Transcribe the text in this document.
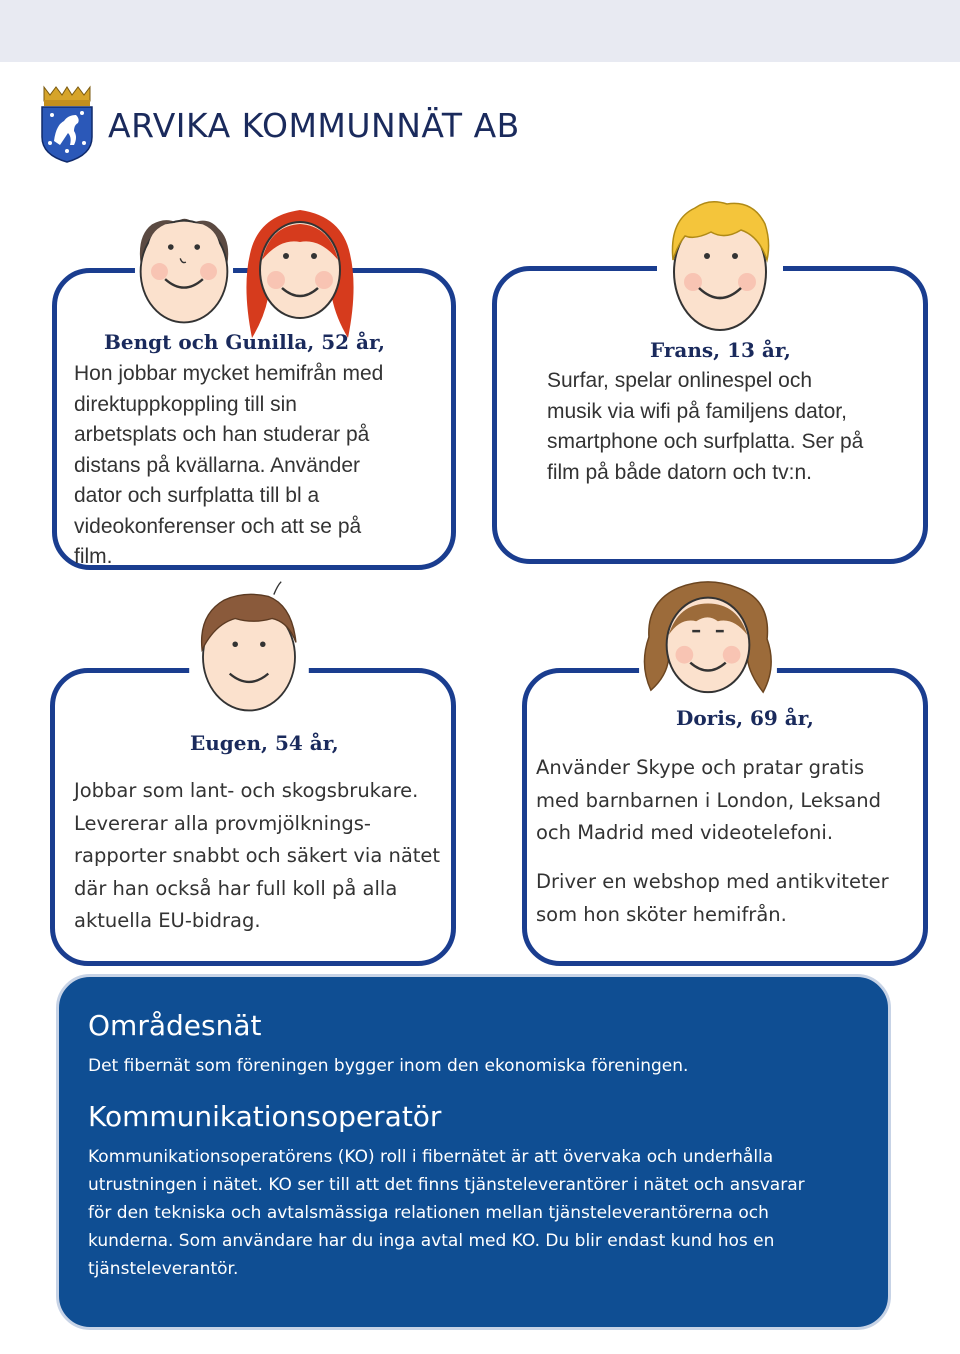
ARVIKA KOMMUNNÄT AB
Bengt och Gunilla, 52 år,
Hon jobbar mycket hemifrån med
direktuppkoppling till sin
arbetsplats och han studerar på
distans på kvällarna. Använder
dator och surfplatta till bl a
videokonferenser och att se på
film.
Frans, 13 år,
Surfar, spelar onlinespel och
musik via wifi på familjens dator,
smartphone och surfplatta. Ser på
film på både datorn och tv:n.
Eugen, 54 år,
Jobbar som lant- och skogsbrukare.
Levererar alla provmjölknings-
rapporter snabbt och säkert via nätet
där han också har full koll på alla
aktuella EU-bidrag.
Doris, 69 år,
Använder Skype och pratar gratis
med barnbarnen i London, Leksand
och Madrid med videotelefoni.
Driver en webshop med antikviteter
som hon sköter hemifrån.
Områdesnät
Det fibernät som föreningen bygger inom den ekonomiska föreningen.
Kommunikationsoperatör
Kommunikationsoperatörens (KO) roll i fibernätet är att övervaka och underhålla
utrustningen i nätet. KO ser till att det finns tjänsteleverantörer i nätet och ansvarar
för den tekniska och avtalsmässiga relationen mellan tjänsteleverantörerna och
kunderna. Som användare har du inga avtal med KO. Du blir endast kund hos en
tjänsteleverantör.
